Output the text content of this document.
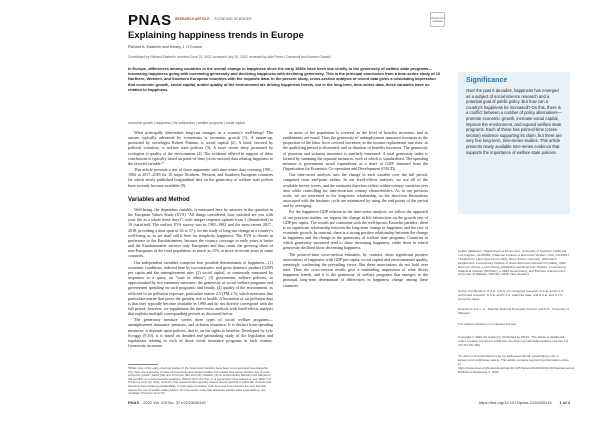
PNAS RESEARCH ARTICLE | ECONOMIC SCIENCES	Check for updates
Explaining happiness trends in Europe
Richard A. Easterlin and Kelsey J. O'Connor
Contributed by Richard Easterlin; received June 21, 2022; accepted July 29, 2022; reviewed by Ada Ferrer-i-Carbonell and Andrew Oswald
In Europe, differences among countries in the overall change in happiness since the early 1980s have been due chiefly to the generosity of welfare state programs—increasing happiness going with increasing generosity and declining happiness with declining generosity. This is the principal conclusion from a time-series study of 10 Northern, Western, and Southern European countries with the requisite data. In the present study, cross-section analysis of recent data gives a misleading impression that economic growth, social capital, and/or quality of the environment are driving happiness trends, but in the long-term, time-series data, these variables have no relation to happiness.
economic growth | happiness | life satisfaction | welfare programs | social capital

What principally determines long-run changes in a country's well-being? The answer typically advanced by economists is economic growth (1). A runner-up, promoted by sociologist Robert Putnam, is social capital (2). A third, favored by political scientists, is welfare state policies (3). A more recent entry promoted by ecologists is quality of the environment (4). The evidence offered in support of these conclusions is typically based on point-of-time (cross-section) data relating happiness to the favored variable.*

This article presents a test of these arguments with time-series data covering 1981–1982 to 2017–2018 for 10 major Northern, Western, and Southern European countries for which newly published longitudinal data on the generosity of welfare state polices have recently become available (9).

Variables and Method

Well-being, the dependent variable, is measured here by answers to the question in the European Values Study (EVS) "All things considered, how satisfied are you with your life as a whole these days?", with integer response options from 1 (dissatisfied) to 10 (satisfied). The earliest EVS survey was in 1981–1982 and the most recent 2017–2018, providing a time span of 36 to 37 y for the study of long-run change in a country's well-being or, as we shall call it here for simplicity, happiness. The EVS is chosen in preference to the Eurobarometer, because the country coverage in early years is better and the Eurobarometer surveys only Europeans and thus omits the growing share of non-Europeans in the total population, as much as 15% or more in recent years in some countries.

Our independent variables comprise four possible determinants of happiness—(1) economic conditions, indexed here by two measures: real gross domestic product (GDP) per capita and the unemployment rate; (2) social capital, as commonly measured by responses to a query on "trust in others"; (3) government welfare policies, as approximated by two summary measures: the generosity of social welfare programs and government spending on such programs; and finally, (4) quality of the environment, as reflected in air pollution exposure, particulate matter 2.5 (PM 2.5), which measures fine particulate matter that poses the greatest risk to health. A limitation of air pollution data is that they typically become available in 1990 and do not directly correspond with the full period; however, we supplement the time-series analysis with fixed-effects analysis that exploits multiple corresponding periods as discussed below.

The generosity measure covers three types of social welfare programs—unemployment insurance, pensions, and sickness insurance. It is distinct from spending measures; it depends upon policies, that is, on the rights to benefits. Developed by Lyle Scruggs (9,10), it is based on detailed and painstaking study of the legislation and regulations relating to each of these social insurance programs in each country. Generosity increases

as more of the population is covered, as the level of benefits increases, and as entitlements are eased. Thus the generosity of unemployment insurance increases as the proportion of the labor force covered increases, as the income replacement rate rises, as the qualifying period is shortened, and as duration of benefits increases. The generosity of pensions and sickness insurance is similarly measured. A total generosity index is formed by summing the separate measures, each of which is standardized. The spending measure is government social expenditure as a share of GDP, obtained from the Organisation for Economic Co-operation and Development (OECD).

Our time-series analysis uses the change in each variable over the full period, computed from end-point values. In our fixed-effects analysis, we use all of the available survey waves, and the estimates therefore reflect within-country variation over time while controlling for time-invariant country characteristics. As in our previous work, we are interested in the long-term relationship, so the short-run fluctuations associated with the business cycle are minimized by using the end points of the period and by averaging.

For the happiness-GDP relation in the time-series analysis, we follow the approach of our previous studies; we regress the change in life satisfaction on the growth rate of GDP per capita. The results are consistent with the well-known Easterlin paradox: there is no significant relationship between the long-term change in happiness and the rate of economic growth. In contrast, there is a strong positive relationship between the change in happiness and the change in the generosity of welfare state programs. Countries in which generosity increased tend to show increasing happiness, while those in which generosity declined show decreasing happiness.

The point-of-time cross-section estimates, by contrast, show significant positive associations of happiness with GDP per capita, social capital and environmental quality, seemingly confirming the prevailing views. But these associations do not hold over time. Thus the cross-section results give a misleading impression of what drives happiness trends, and it is the generosity of welfare programs that emerges as the principal long-term determinant of differences in happiness change among these countries.

*While most of the early empirical studies of the happiness literature have been cross-sectional (see Easterlin (5)), there are a growing number of time-series and causal studies. For related time-series studies, see (1) and economic growth, Sacks (6a) and O'Connor (6b) and (4b); Welfare, (2) on social capital, Bartolini and Sarracino (8a and 8b); on environmental conditions, Welsch (8) is the first, or of generosity cross-reference, see Table 1 of O'Connor et al. (9). Note, however, that causal studies typically assess shorter periods in particular contexts and therefore have limited generalizability. In both types of studies, both time and cross-section are very few that assess the role of welfare state policies. On time-series study that assesses welfare state expenditures, see Jonathan O'Connor and (7b).
Significance
Over the past 5 decades, happiness has emerged as a subject of social science research and a potential goal of public policy. But how can a country's happiness be increased? On this, there is a conflict between a number of policy alternatives—promote economic growth, increase social capital, improve the environment, and expand welfare state programs. Each of these has point-of-time (cross-section) evidence supporting its claim, but there are very few long-term, time-series studies. This article presents newly available time-series evidence that supports the importance of welfare state policies.
Author affiliations: *Department of Economics, University of Southern California, Los Angeles, CA 90089; †National Institute of Economic Studies, USA, CA 92617; ‡Institute for Labor Economics (IZA), Bonn 53113, Germany; §Research Department, Luxembourg Institute of Socio-Economic Research (LISER), 4366 Esch-sur-Alzette, Luxembourg; ||Statistics and Economic Studies, Luxembourg Statistical Institute (STATEC), L-2920 Luxembourg; and ¶School of Economics, University of Waikato, Hamilton 3240, New Zealand
Author contributions: R.A.E. and K.J.O. designed research; R.A.E. and K.J.O. performed research; R.A.E. and K.J.O. analyzed data; and R.A.E. and K.J.O. wrote the paper.
Reviewers: A.F.-i.-C., Spanish National Research Council; and A.O., University of Warwick.
The authors declare no competing interest.
Copyright © 2022 the Author(s). Published by PNAS. This article is distributed under Creative Commons Attribution-NonCommercial-NoDerivatives License 4.0 (CC BY-NC-ND).
¹To whom correspondence may be addressed. Email: easterl@usc.edu or kelsey.oconnor@statec.etat.lu. This article contains supporting information online at https://www.pnas.org/lookup/suppl/doi:10.1073/pnas.2210639119/-/DCSupplemental. Published September 6, 2022.
PNAS 2022 Vol. 119 No. 37 e2210639119	https://doi.org/10.1073/pnas.2210639119 1 of 4
